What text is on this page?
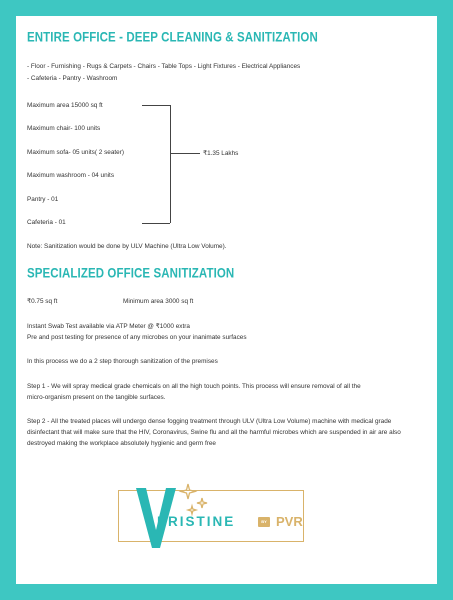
ENTIRE OFFICE - DEEP CLEANING & SANITIZATION
- Floor - Furnishing - Rugs & Carpets - Chairs - Table Tops - Light Fixtures - Electrical Appliances
- Cafeteria - Pantry - Washroom
Maximum area 15000 sq ft
Maximum chair- 100 units
Maximum sofa- 05 units( 2 seater)
Maximum washroom - 04 units
Pantry - 01
Cafeteria - 01
₹1.35 Lakhs
Note: Sanitization would be done by ULV Machine (Ultra Low Volume).
SPECIALIZED OFFICE SANITIZATION
₹0.75 sq ft	Minimum area 3000 sq ft
Instant Swab Test available via ATP Meter @ ₹1000 extra
Pre and post testing for presence of any microbes on your inanimate surfaces
In this process we do a 2 step thorough sanitization of the premises
Step 1 - We will spray medical grade chemicals on all the high touch points. This process will ensure removal of all the
micro-organism present on the tangible surfaces.
Step 2 - All the treated places will undergo dense fogging treatment through ULV (Ultra Low Volume) machine with medical grade
disinfectant that will make sure that the HIV, Coronavirus, Swine flu and all the harmful microbes which are suspended in air are also
destroyed making the workplace absolutely hygienic and germ free
PRISTINE	BY PVR
